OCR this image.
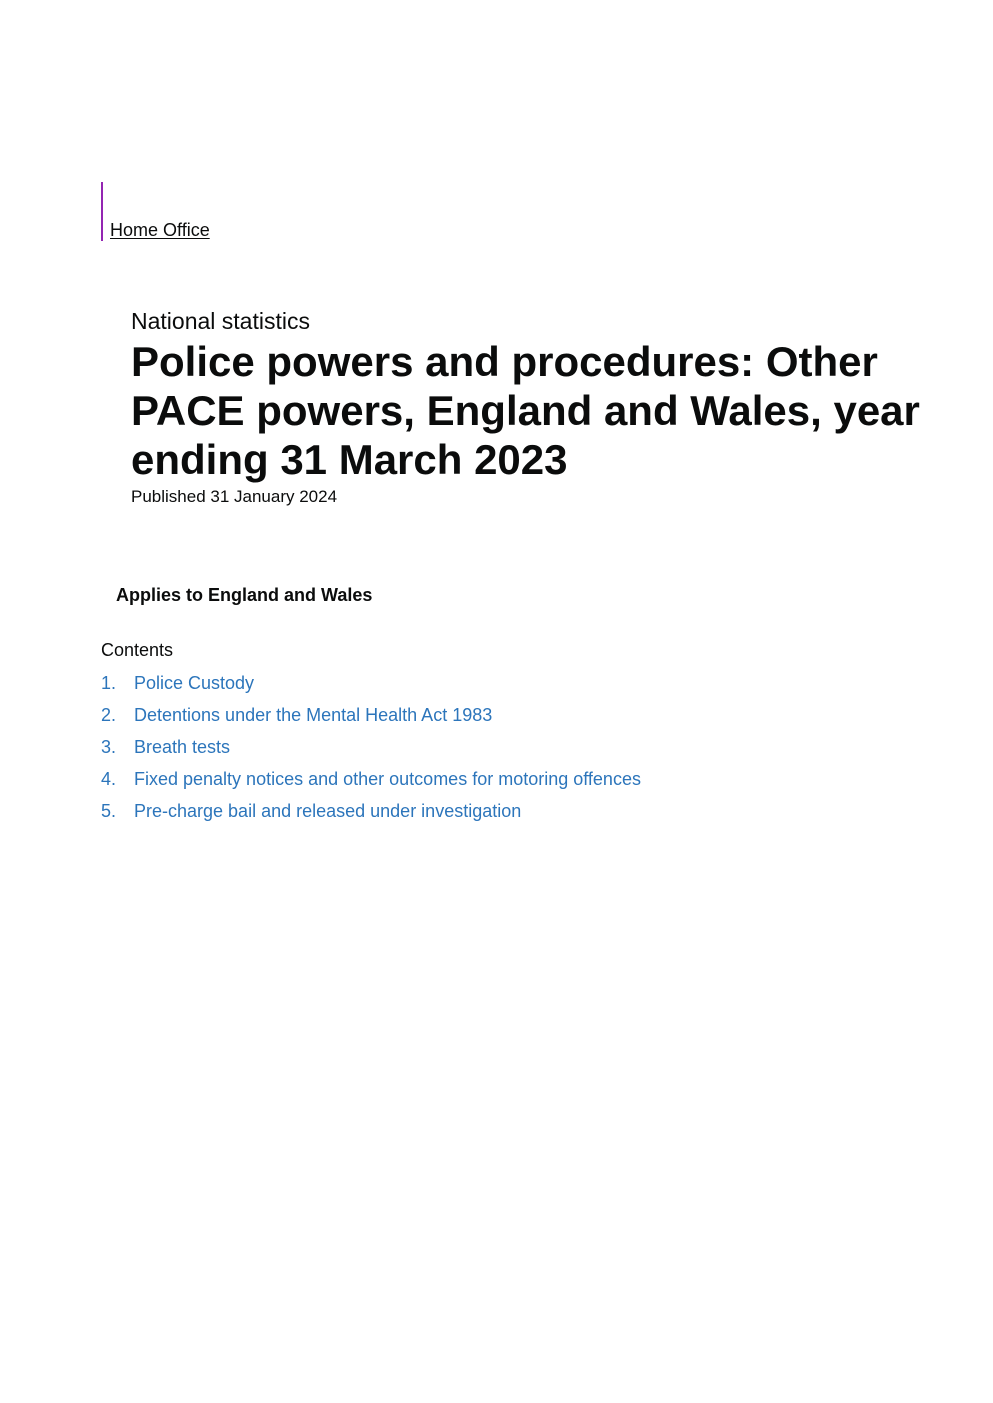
Home Office

National statistics

Police powers and procedures: Other PACE powers, England and Wales, year ending 31 March 2023

Published 31 January 2024

Applies to England and Wales

Contents

1. Police Custody
2. Detentions under the Mental Health Act 1983
3. Breath tests
4. Fixed penalty notices and other outcomes for motoring offences
5. Pre-charge bail and released under investigation
